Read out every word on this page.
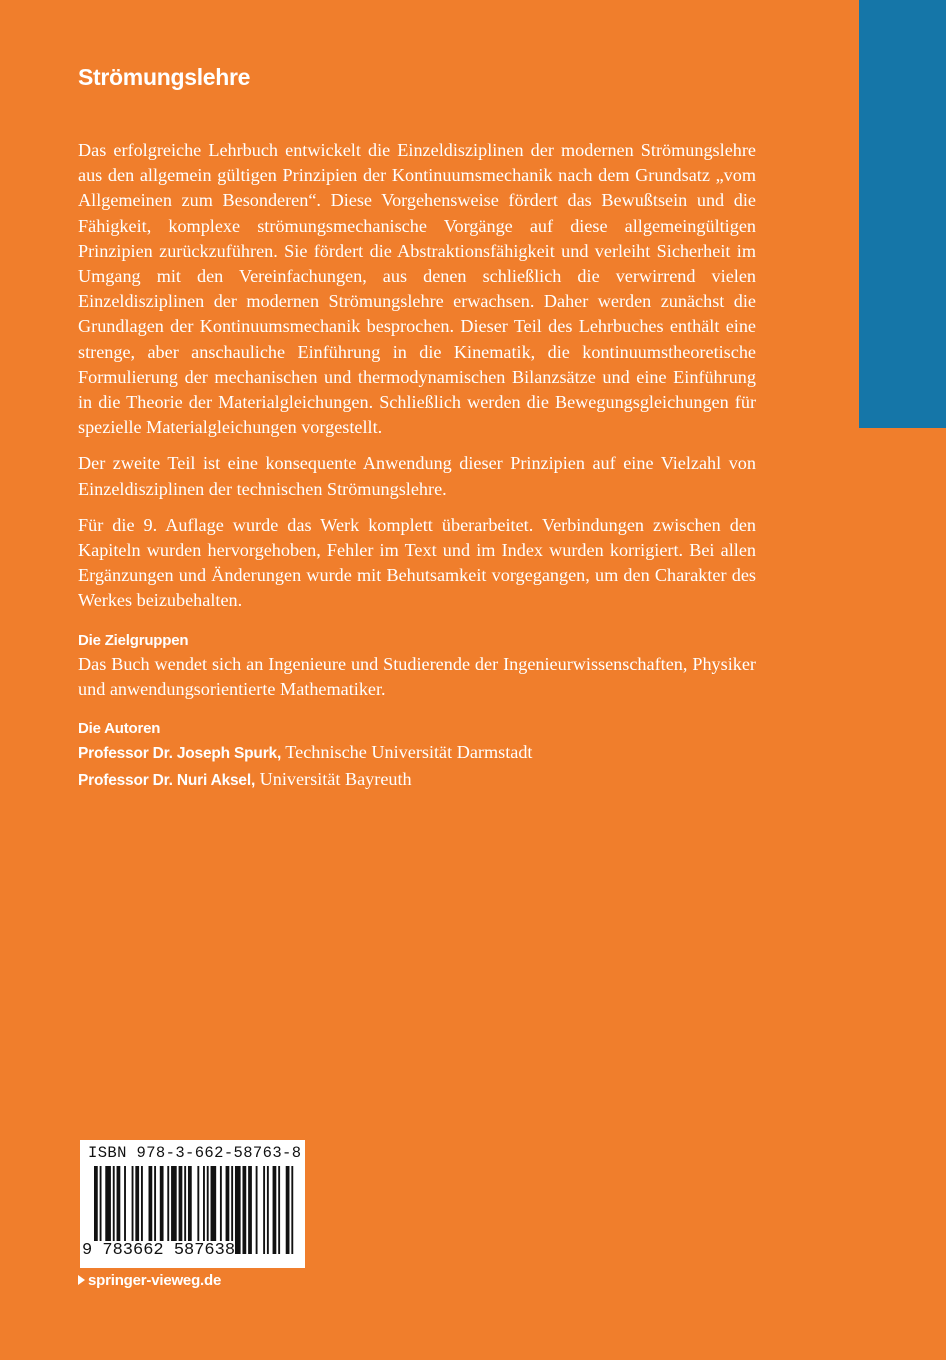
Strömungslehre

Das erfolgreiche Lehrbuch entwickelt die Einzeldisziplinen der modernen Strömungslehre aus den allgemein gültigen Prinzipien der Kontinuumsmechanik nach dem Grundsatz „vom Allgemeinen zum Besonderen“. Diese Vorgehensweise fördert das Bewußtsein und die Fähigkeit, komplexe strömungsmechanische Vorgänge auf diese allgemeingültigen Prinzipien zurückzuführen. Sie fördert die Abstraktionsfähigkeit und verleiht Sicherheit im Umgang mit den Vereinfachungen, aus denen schließlich die verwirrend vielen Einzeldisziplinen der modernen Strömungslehre erwachsen. Daher werden zunächst die Grundlagen der Kontinuumsmechanik besprochen. Dieser Teil des Lehrbuches enthält eine strenge, aber anschauliche Einführung in die Kinematik, die kontinuumstheoretische Formulierung der mechanischen und thermodynamischen Bilanzsätze und eine Einführung in die Theorie der Materialgleichungen. Schließlich werden die Bewegungsgleichungen für spezielle Materialgleichungen vorgestellt.

Der zweite Teil ist eine konsequente Anwendung dieser Prinzipien auf eine Vielzahl von Einzeldisziplinen der technischen Strömungslehre.

Für die 9. Auflage wurde das Werk komplett überarbeitet. Verbindungen zwischen den Kapiteln wurden hervorgehoben, Fehler im Text und im Index wurden korrigiert. Bei allen Ergänzungen und Änderungen wurde mit Behutsamkeit vorgegangen, um den Charakter des Werkes beizubehalten.

Die Zielgruppen

Das Buch wendet sich an Ingenieure und Studierende der Ingenieurwissenschaften, Physiker und anwendungsorientierte Mathematiker.

Die Autoren
Professor Dr. Joseph Spurk, Technische Universität Darmstadt
Professor Dr. Nuri Aksel, Universität Bayreuth
ISBN 978-3-662-58763-8
9 783662 587638
springer-vieweg.de
